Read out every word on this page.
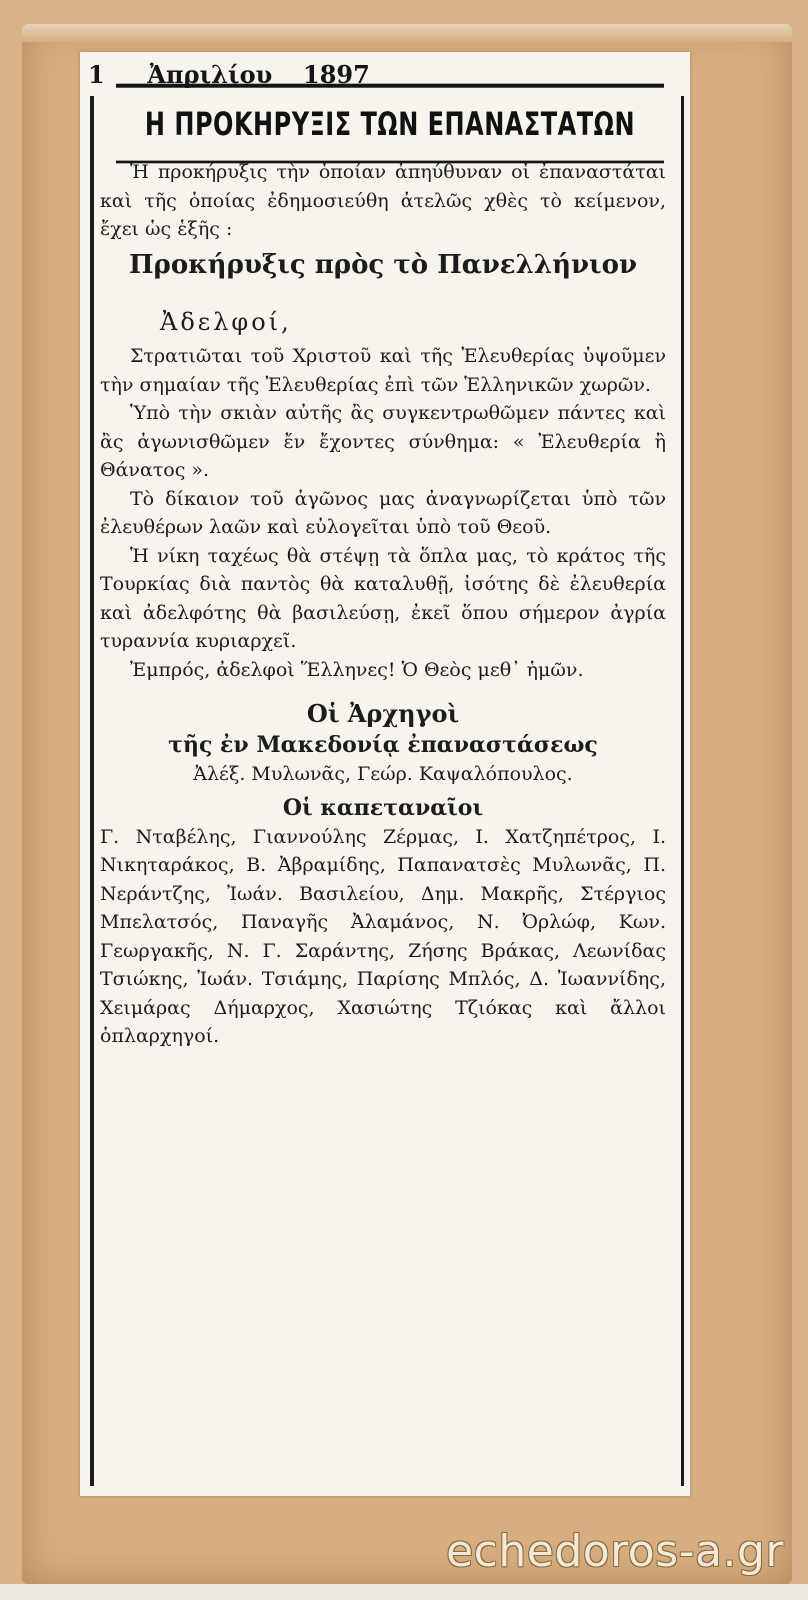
1 Ἀπριλίου 1897
Η ΠΡΟΚΗΡΥΞΙΣ ΤΩΝ ΕΠΑΝΑΣΤΑΤΩΝ

Ἡ προκήρυξις τὴν ὁποίαν ἀπηύθυναν οἱ ἐπαναστάται καὶ τῆς ὁποίας ἐδημοσιεύθη ἀτελῶς χθὲς τὸ κείμενον, ἔχει ὡς ἑξῆς :

Προκήρυξις πρὸς τὸ Πανελλήνιον

Ἀδελφοί,

Στρατιῶται τοῦ Χριστοῦ καὶ τῆς Ἐλευθερίας ὑψοῦμεν τὴν σημαίαν τῆς Ἐλευθερίας ἐπὶ τῶν Ἑλληνικῶν χωρῶν.

Ὑπὸ τὴν σκιὰν αὐτῆς ἂς συγκεντρωθῶμεν πάντες καὶ ἂς ἀγωνισθῶμεν ἔν ἔχοντες σύνθημα: « Ἐλευθερία ἢ Θάνατος ».

Τὸ δίκαιον τοῦ ἀγῶνος μας ἀναγνωρίζεται ὑπὸ τῶν ἐλευθέρων λαῶν καὶ εὐλογεῖται ὑπὸ τοῦ Θεοῦ.

Ἡ νίκη ταχέως θὰ στέψῃ τὰ ὅπλα μας, τὸ κράτος τῆς Τουρκίας διὰ παντὸς θὰ καταλυθῇ, ἰσότης δὲ ἐλευθερία καὶ ἀδελφότης θὰ βασιλεύσῃ, ἐκεῖ ὅπου σήμερον ἀγρία τυραννία κυριαρχεῖ.

Ἐμπρός, ἀδελφοὶ Ἕλληνες! Ὁ Θεὸς μεθ᾽ ἡμῶν.

Οἱ Ἀρχηγοὶ

τῆς ἐν Μακεδονίᾳ ἐπαναστάσεως

Ἀλέξ. Μυλωνᾶς, Γεώρ. Καψαλόπουλος.

Οἱ καπεταναῖοι

Γ. Νταβέλης, Γιαννούλης Ζέρμας, Ι. Χατζηπέτρος, Ι. Νικηταράκος, Β. Ἀβραμίδης, Παπανατσὲς Μυλωνᾶς, Π. Νεράντζης, Ἰωάν. Βασιλείου, Δημ. Μακρῆς, Στέργιος Μπελατσός, Παναγῆς Ἀλαμάνος, Ν. Ὀρλώφ, Κων. Γεωργακῆς, Ν. Γ. Σαράντης, Ζήσης Βράκας, Λεωνίδας Τσιώκης, Ἰωάν. Τσιάμης, Παρίσης Μπλός, Δ. Ἰωαννίδης, Χειμάρας Δήμαρχος, Χασιώτης Τζιόκας καὶ ἄλλοι ὁπλαρχηγοί.

echedoros-a.gr
